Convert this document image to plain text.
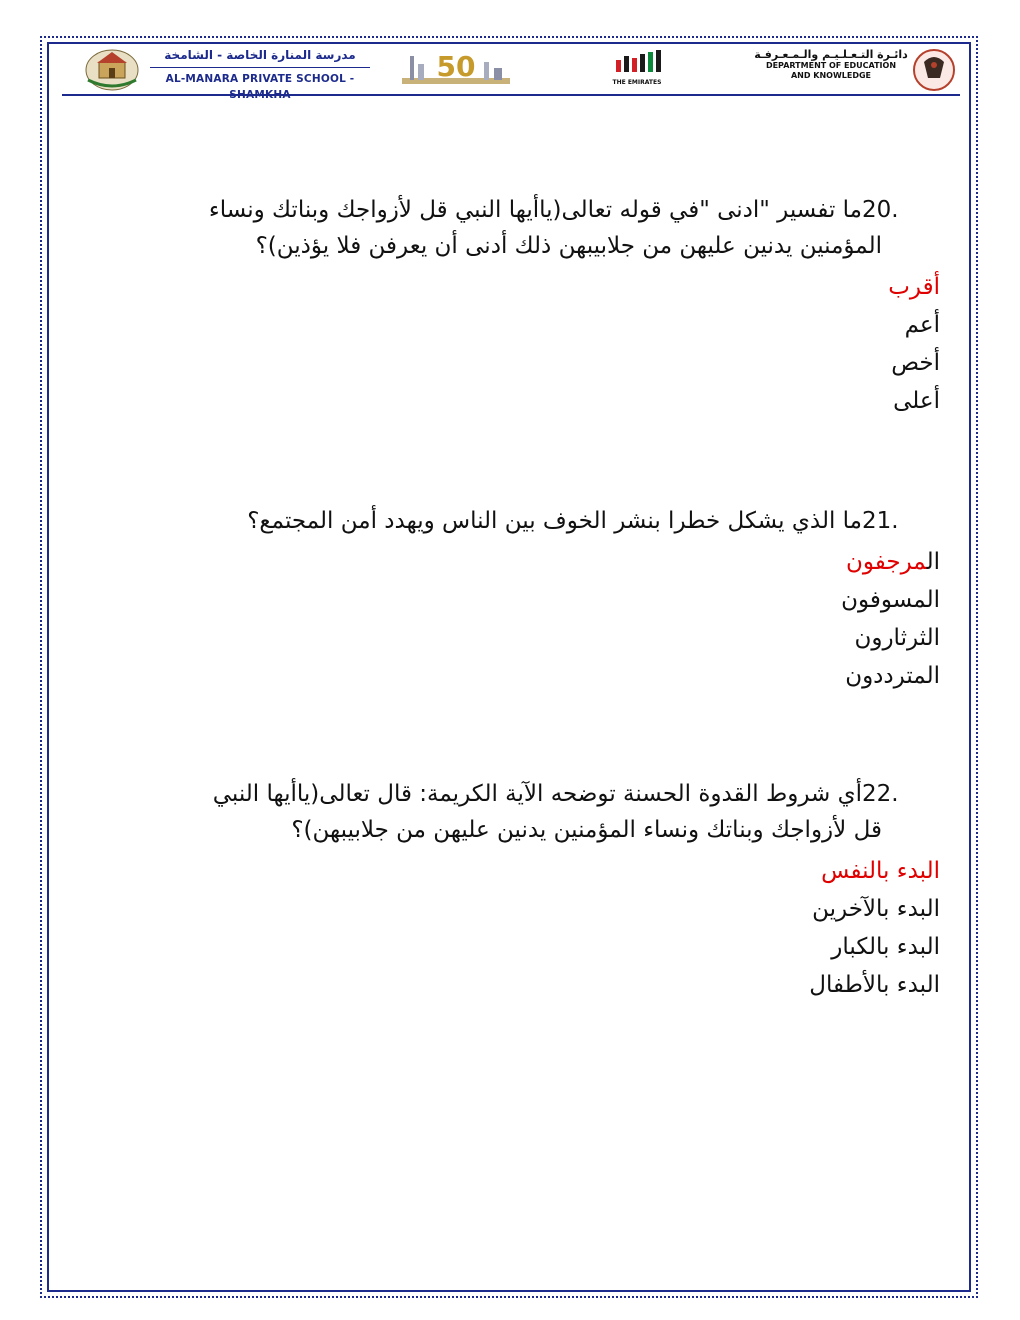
مدرسة المنارة الخاصة - الشامخة
AL-MANARA PRIVATE SCHOOL - SHAMKHA
50	THE EMIRATES
دائـرة التـعـلـيـم والـمـعـرفـة
DEPARTMENT OF EDUCATION
AND KNOWLEDGE
20.ما تفسير "ادنى "في قوله تعالى(ياأيها النبي قل لأزواجك وبناتك ونساء
المؤمنين يدنين عليهن من جلابيبهن ذلك أدنى أن يعرفن فلا يؤذين)؟
أقرب
أعم
أخص
أعلى
21.ما الذي يشكل خطرا بنشر الخوف بين الناس ويهدد أمن المجتمع؟
المرجفون
المسوفون
الثرثارون
المترددون
22.أي شروط القدوة الحسنة توضحه الآية الكريمة: قال تعالى(ياأيها النبي
قل لأزواجك وبناتك ونساء المؤمنين يدنين عليهن من جلابيبهن)؟
البدء بالنفس
البدء بالآخرين
البدء بالكبار
البدء بالأطفال
